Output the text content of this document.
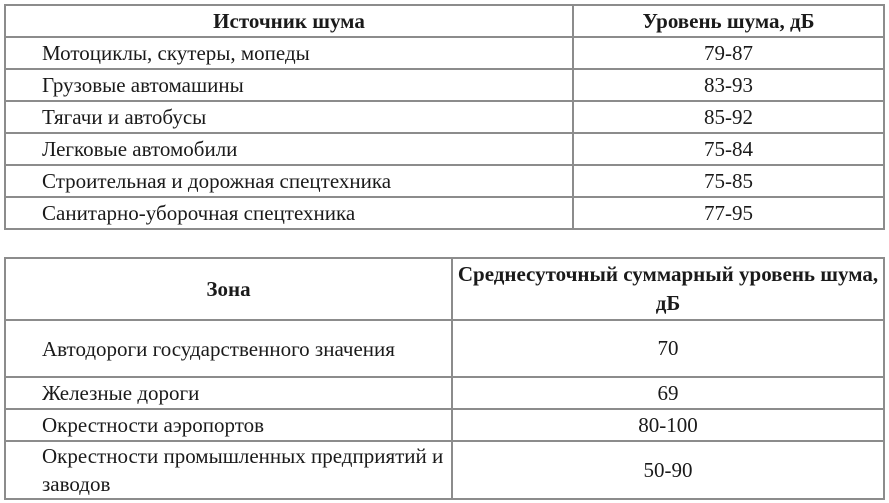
Источник шума	Уровень шума, дБ
Мотоциклы, скутеры, мопеды	79-87
Грузовые автомашины	83-93
Тягачи и автобусы	85-92
Легковые автомобили	75-84
Строительная и дорожная спецтехника	75-85
Санитарно-уборочная спецтехника	77-95
Зона	Среднесуточный суммарный уровень шума, дБ
Автодороги государственного значения	70
Железные дороги	69
Окрестности аэропортов	80-100
Окрестности промышленных предприятий и заводов	50-90
